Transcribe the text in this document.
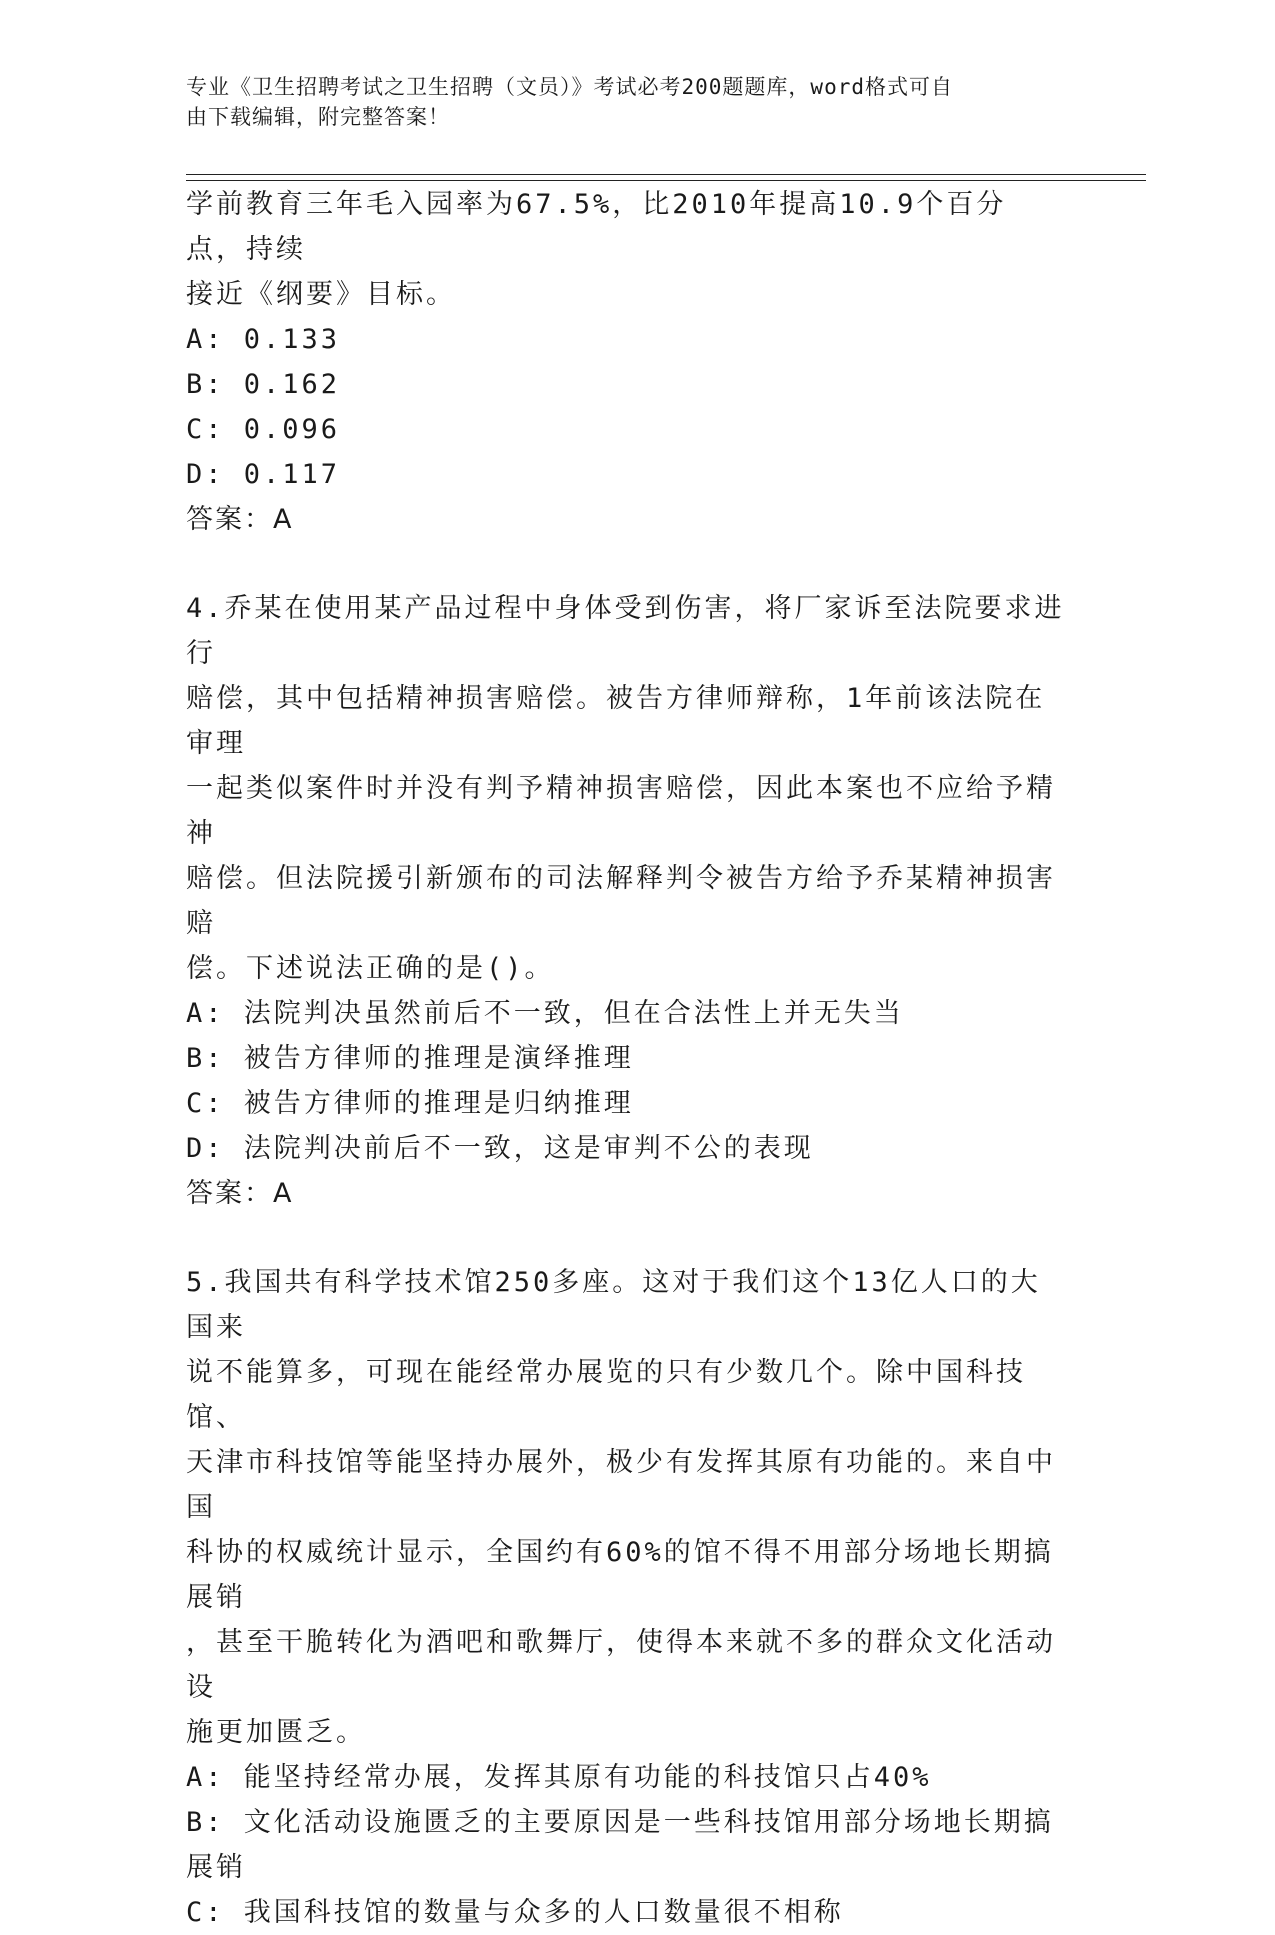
专业《卫生招聘考试之卫生招聘（文员）》考试必考200题题库，word格式可自
由下载编辑，附完整答案！

学前教育三年毛入园率为67.5%，比2010年提高10.9个百分点，持续

接近《纲要》目标。

A: 0.133

B: 0.162

C: 0.096

D: 0.117

答案：A

4.乔某在使用某产品过程中身体受到伤害，将厂家诉至法院要求进行

赔偿，其中包括精神损害赔偿。被告方律师辩称，1年前该法院在审理

一起类似案件时并没有判予精神损害赔偿，因此本案也不应给予精神

赔偿。但法院援引新颁布的司法解释判令被告方给予乔某精神损害赔

偿。下述说法正确的是()。

A: 法院判决虽然前后不一致，但在合法性上并无失当

B: 被告方律师的推理是演绎推理

C: 被告方律师的推理是归纳推理

D: 法院判决前后不一致，这是审判不公的表现

答案：A

5.我国共有科学技术馆250多座。这对于我们这个13亿人口的大国来

说不能算多，可现在能经常办展览的只有少数几个。除中国科技馆、

天津市科技馆等能坚持办展外，极少有发挥其原有功能的。来自中国

科协的权威统计显示，全国约有60%的馆不得不用部分场地长期搞展销

，甚至干脆转化为酒吧和歌舞厅，使得本来就不多的群众文化活动设

施更加匮乏。

A: 能坚持经常办展，发挥其原有功能的科技馆只占40%

B: 文化活动设施匮乏的主要原因是一些科技馆用部分场地长期搞展销

C: 我国科技馆的数量与众多的人口数量很不相称
